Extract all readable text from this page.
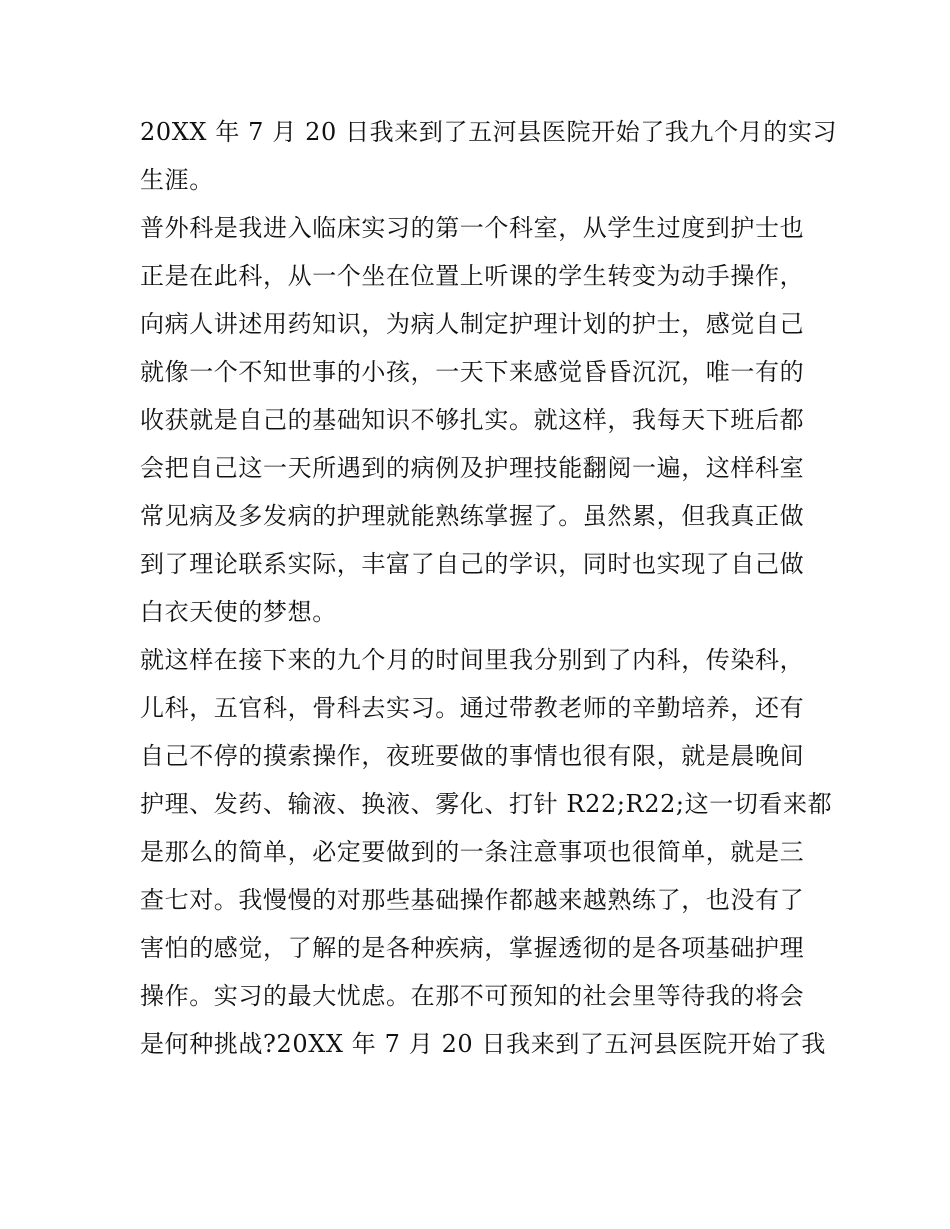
20XX 年 7 月 20 日我来到了五河县医院开始了我九个月的实习
生涯。
普外科是我进入临床实习的第一个科室，从学生过度到护士也
正是在此科，从一个坐在位置上听课的学生转变为动手操作，
向病人讲述用药知识，为病人制定护理计划的护士，感觉自己
就像一个不知世事的小孩，一天下来感觉昏昏沉沉，唯一有的
收获就是自己的基础知识不够扎实。就这样，我每天下班后都
会把自己这一天所遇到的病例及护理技能翻阅一遍，这样科室
常见病及多发病的护理就能熟练掌握了。虽然累，但我真正做
到了理论联系实际，丰富了自己的学识，同时也实现了自己做
白衣天使的梦想。
就这样在接下来的九个月的时间里我分别到了内科，传染科，
儿科，五官科，骨科去实习。通过带教老师的辛勤培养，还有
自己不停的摸索操作，夜班要做的事情也很有限，就是晨晚间
护理、发药、输液、换液、雾化、打针 R22;R22;这一切看来都
是那么的简单，必定要做到的一条注意事项也很简单，就是三
查七对。我慢慢的对那些基础操作都越来越熟练了，也没有了
害怕的感觉，了解的是各种疾病，掌握透彻的是各项基础护理
操作。实习的最大忧虑。在那不可预知的社会里等待我的将会
是何种挑战?20XX 年 7 月 20 日我来到了五河县医院开始了我
